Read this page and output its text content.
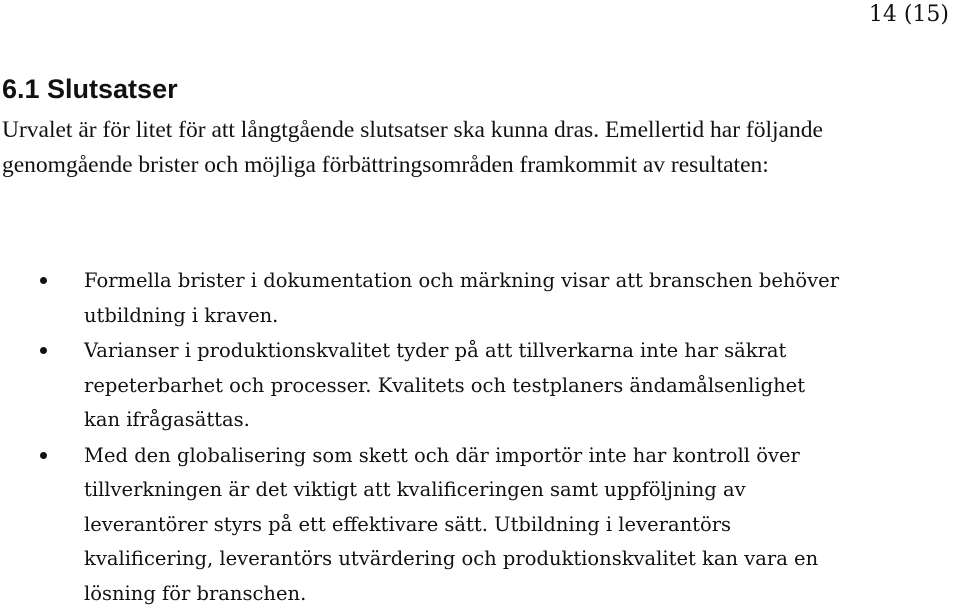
14 (15)
6.1 Slutsatser

Urvalet är för litet för att långtgående slutsatser ska kunna dras. Emellertid har följande genomgående brister och möjliga förbättringsområden framkommit av resultaten:

Formella brister i dokumentation och märkning visar att branschen behöver utbildning i kraven.
Varianser i produktionskvalitet tyder på att tillverkarna inte har säkrat repeterbarhet och processer. Kvalitets och testplaners ändamålsenlighet kan ifrågasättas.
Med den globalisering som skett och där importör inte har kontroll över tillverkningen är det viktigt att kvalificeringen samt uppföljning av leverantörer styrs på ett effektivare sätt. Utbildning i leverantörs kvalificering, leverantörs utvärdering och produktionskvalitet kan vara en lösning för branschen.
